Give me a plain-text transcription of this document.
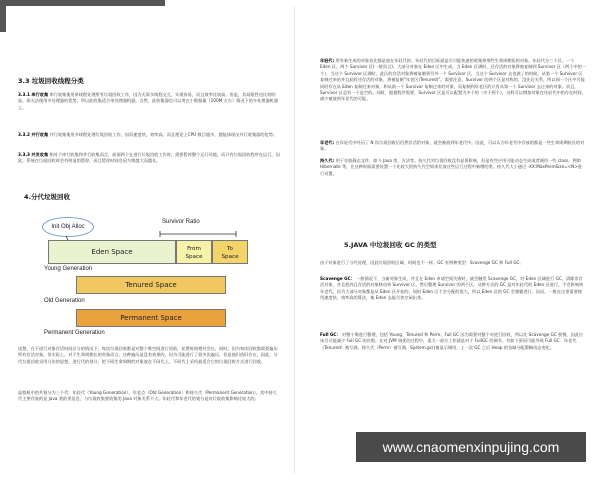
3.3 垃圾回收线程分类
3.3.1 串行收集 串行收集使用单线程处理所有垃圾回收工作，因为无需多线程交互，实现容易，而且效率比较高。但是，其局限性也比较明显，即无法使用多处理器的优势，所以此收集适合单处理器机器。当然，此收集器也可以用在小数据量（100M 左右）情况下的多处理器机器上。
3.3.2 并行收集 并行收集使用多线程处理垃圾回收工作，因而速度快，效率高。而且理论上CPU 数目越多，越能体现出并行收集器的优势。
3.3.3 并发收集 相对于串行收集和并行收集而言，前面两个在进行垃圾回收工作时，需要暂停整个运行环境，而只有垃圾回收程序在运行，因此，系统在垃圾回收时会有明显的暂停，而且暂停时间会因为堆越大而越长。
4.分代垃圾回收
Init Obj Alloc
Survivor Ratio
Eden Space	From
Space
To
Space
Young Generation
Tenured Space
Old Generation
Permanent Space
Permanent Generation
试想，在不进行对象存活时间区分的情况下，每次垃圾回收都是对整个堆空间进行回收，花费时间相对会长，同时，因为每次回收都需要遍历所有存活对象，但实际上，对于生命周期长的对象而言，这种遍历是没有效果的，因为可能进行了很多次遍历，但是他们依旧存在。因此，分代垃圾回收采用分治的思想，进行代的划分，把不同生命周期的对象放在不同代上，不同代上采用最适合它的垃圾回收方式进行回收。
虚拟机中的共划分为三个代：年轻代（Young Generation）、年老点（Old Generation）和持久代（Permanent Generation）。其中持久代主要存放的是 Java 类的类信息，与垃圾收集要收集的 Java 对象关系不大。年轻代和年老代的划分是对垃圾收集影响比较大的。
年轻代: 所有新生成的对象首先都是放在年轻代的。年轻代的目标就是尽可能快速的收集掉那些生命周期短的对象。年轻代分三个区。一个 Eden 区，两个 Survivor 区(一般而言)。大部分对象在 Eden 区中生成。当 Eden 区满时，还存活的对象将被复制到 Survivor 区（两个中的一个），当这个 Survivor 区满时，此区的存活对象将被复制到另外一个 Survivor 区，当这个 Survivor 去也满了的时候，从第一个 Survivor 区复制过来的并且此时还存活的对象，将被复制“年老区(Tenured)”。需要注意，Survivor 的两个区是对称的，没先后关系，所以同一个区中可能同时存在从 Eden 复制过来对象，和从前一个 Survivor 复制过来的对象，而复制到年老区的只有从第一个 Survivor 去过来的对象。而且，Survivor 区总有一个是空的。同时，根据程序需要，Survivor 区是可以配置为多个的（多于两个），这样可以增加对象在年轻代中的存在时间，减少被放到年老代的可能。
年老代: 在年轻代中经历了 N 次垃圾回收后仍然存活的对象，就会被放到年老代中。因此，可以认为年老代中存放的都是一些生命周期较长的对象。
持久代: 用于存放静态文件，如今 Java 类、方法等。持久代对垃圾回收没有显著影响，但是有些应用可能动态生成或者调用一些 class，例如 Hibernate 等，在这种时候需要设置一个比较大的持久代空间来存放这些运行过程中新增的类。持久代大小通过 -XX:MaxPermSize=<N>进行设置。
5.JAVA 中垃圾回收 GC 的类型
由于对象进行了分代处理，因此垃圾回收区域、时间也不一样。GC 有两种类型：Scavenge GC 和 Full GC。
Scavenge GC： 一般情况下，当新对象生成，并且在 Eden 申请空间失败时，就会触发 Scavenge GC，对 Eden 区域进行 GC，清除非存活对象，并且把尚且存活的对象移动到 Survivor 区。然后整理 Survivor 的两个区。这种方式的 GC 是对年轻代的 Eden 区进行，不会影响到年老代。因为大部分对象都是从 Eden 区开始的，同时 Eden 区不会分配的很大，所以 Eden 区的 GC 会频繁进行。因而，一般在这里需要使用速度快、效率高的算法，使 Eden 去能尽快空闲出来。
Full GC： 对整个堆进行整理，包括 Young、Tenured 和 Perm。Full GC 因为需要对整个对进行回收，所以比 Scavenge GC 要慢，因此应该尽可能减少 Full GC 的次数。在对 JVM 调优的过程中，很大一部分工作就是对于 FullGC 的调节。有如下原因可能导致 Full GC：年老代（Tenured）被写满，持久代（Perm）被写满，System.gc()被显示调用，上一次 GC 之后 Heap 的各域分配策略动态变化。
www.cnaomenxinpujing.com
